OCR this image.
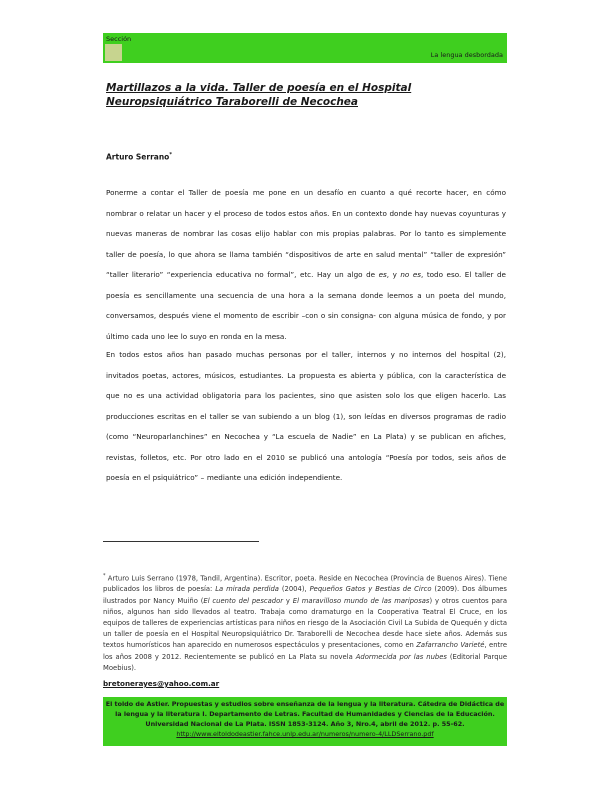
Sección
La lengua desbordada
Martillazos a la vida. Taller de poesía en el Hospital Neuropsiquiátrico Taraborelli de Necochea
Arturo Serrano*

Ponerme a contar el Taller de poesía me pone en un desafío en cuanto a qué recorte hacer, en cómo nombrar o relatar un hacer y el proceso de todos estos años. En un contexto donde hay nuevas coyunturas y nuevas maneras de nombrar las cosas elijo hablar con mis propias palabras. Por lo tanto es simplemente taller de poesía, lo que ahora se llama también “dispositivos de arte en salud mental” “taller de expresión” “taller literario” “experiencia educativa no formal”, etc. Hay un algo de es, y no es, todo eso. El taller de poesía es sencillamente una secuencia de una hora a la semana donde leemos a un poeta del mundo, conversamos, después viene el momento de escribir –con o sin consigna- con alguna música de fondo, y por último cada uno lee lo suyo en ronda en la mesa.

En todos estos años han pasado muchas personas por el taller, internos y no internos del hospital (2), invitados poetas, actores, músicos, estudiantes. La propuesta es abierta y pública, con la característica de que no es una actividad obligatoria para los pacientes, sino que asisten solo los que eligen hacerlo. Las producciones escritas en el taller se van subiendo a un blog (1), son leídas en diversos programas de radio (como “Neuroparlanchines” en Necochea y “La escuela de Nadie” en La Plata) y se publican en afiches, revistas, folletos, etc. Por otro lado en el 2010 se publicó una antología “Poesía por todos, seis años de poesía en el psiquiátrico” – mediante una edición independiente.

* Arturo Luis Serrano (1978, Tandil, Argentina). Escritor, poeta. Reside en Necochea (Provincia de Buenos Aires). Tiene publicados los libros de poesía: La mirada perdida (2004), Pequeños Gatos y Bestias de Circo (2009). Dos álbumes ilustrados por Nancy Muiño (El cuento del pescador y El maravilloso mundo de las mariposas) y otros cuentos para niños, algunos han sido llevados al teatro. Trabaja como dramaturgo en la Cooperativa Teatral El Cruce, en los equipos de talleres de experiencias artísticas para niños en riesgo de la Asociación Civil La Subida de Quequén y dicta un taller de poesía en el Hospital Neuropsiquiátrico Dr. Taraborelli de Necochea desde hace siete años. Además sus textos humorísticos han aparecido en numerosos espectáculos y presentaciones, como en Zafarrancho Varieté, entre los años 2008 y 2012. Recientemente se publicó en La Plata su novela Adormecida por las nubes (Editorial Parque Moebius).

bretonerayes@yahoo.com.ar
El toldo de Astier. Propuestas y estudios sobre enseñanza de la lengua y la literatura. Cátedra de Didáctica de la lengua y la literatura I. Departamento de Letras. Facultad de Humanidades y Ciencias de la Educación. Universidad Nacional de La Plata. ISSN 1853-3124. Año 3, Nro.4, abril de 2012. p. 55-62.
http://www.eltoldodeastier.fahce.unlp.edu.ar/numeros/numero-4/LLDSerrano.pdf
